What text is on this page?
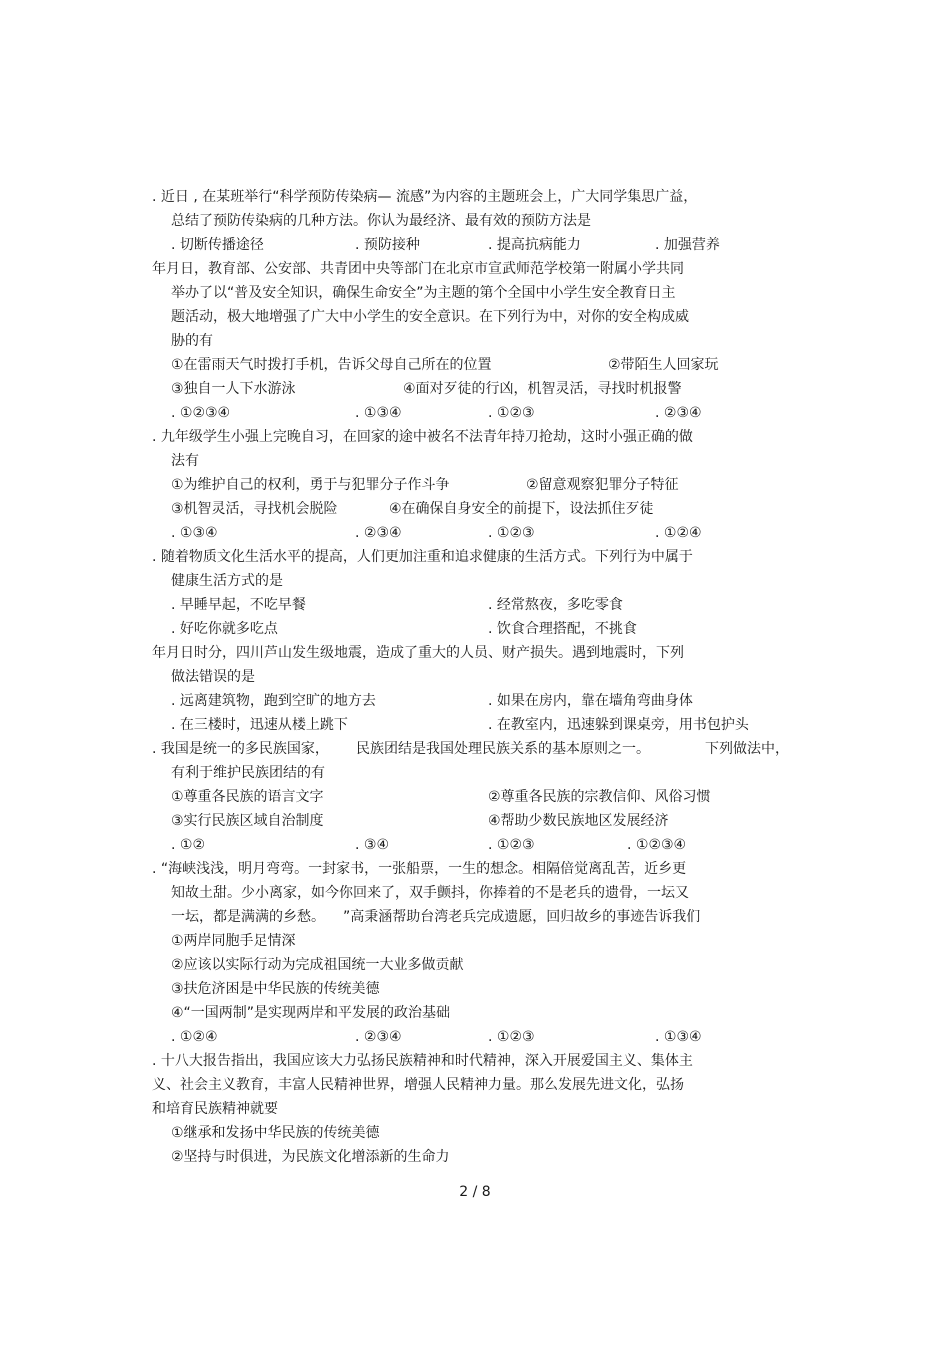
. 近日 , 在某班举行“科学预防传染病— 流感”为内容的主题班会上，广大同学集思广益，
总结了预防传染病的几种方法。你认为最经济、最有效的预防方法是
. 切断传播途径	. 预防接种	. 提高抗病能力	. 加强营养
年月日，教育部、公安部、共青团中央等部门在北京市宣武师范学校第一附属小学共同
举办了以“普及安全知识，确保生命安全”为主题的第个全国中小学生安全教育日主
题活动，极大地增强了广大中小学生的安全意识。在下列行为中，对你的安全构成威
胁的有
①在雷雨天气时拨打手机，告诉父母自己所在的位置	②带陌生人回家玩
③独自一人下水游泳	④面对歹徒的行凶，机智灵活，寻找时机报警
. ①②③④	. ①③④	. ①②③	. ②③④
. 九年级学生小强上完晚自习，在回家的途中被名不法青年持刀抢劫，这时小强正确的做
法有
①为维护自己的权利，勇于与犯罪分子作斗争	②留意观察犯罪分子特征
③机智灵活，寻找机会脱险	④在确保自身安全的前提下，设法抓住歹徒
. ①③④	. ②③④	. ①②③	. ①②④
. 随着物质文化生活水平的提高，人们更加注重和追求健康的生活方式。下列行为中属于
健康生活方式的是
. 早睡早起，不吃早餐	. 经常熬夜，多吃零食
. 好吃你就多吃点	. 饮食合理搭配，不挑食
年月日时分，四川芦山发生级地震，造成了重大的人员、财产损失。遇到地震时，下列
做法错误的是
. 远离建筑物，跑到空旷的地方去	. 如果在房内，靠在墙角弯曲身体
. 在三楼时，迅速从楼上跳下	. 在教室内，迅速躲到课桌旁，用书包护头
. 我国是统一的多民族国家， 民族团结是我国处理民族关系的基本原则之一。	下列做法中，
有利于维护民族团结的有
①尊重各民族的语言文字	②尊重各民族的宗教信仰、风俗习惯
③实行民族区域自治制度	④帮助少数民族地区发展经济
. ①②	. ③④	. ①②③	. ①②③④
. “海峡浅浅，明月弯弯。一封家书，一张船票，一生的想念。相隔倍觉离乱苦，近乡更
知故土甜。少小离家，如今你回来了，双手颤抖，你捧着的不是老兵的遗骨，一坛又
一坛，都是满满的乡愁。 ”高秉涵帮助台湾老兵完成遗愿，回归故乡的事迹告诉我们
①两岸同胞手足情深
②应该以实际行动为完成祖国统一大业多做贡献
③扶危济困是中华民族的传统美德
④“一国两制”是实现两岸和平发展的政治基础
. ①②④	. ②③④	. ①②③	. ①③④
. 十八大报告指出，我国应该大力弘扬民族精神和时代精神，深入开展爱国主义、集体主
义、社会主义教育，丰富人民精神世界，增强人民精神力量。那么发展先进文化，弘扬
和培育民族精神就要
①继承和发扬中华民族的传统美德
②坚持与时俱进，为民族文化增添新的生命力
2 / 8
